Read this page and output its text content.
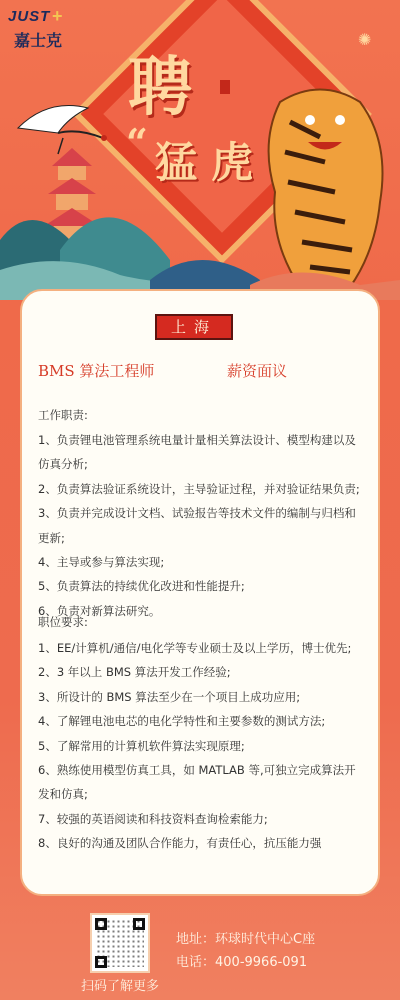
✺
JUST +
嘉士克
聘
“ 猛虎
上海
BMS 算法工程师	薪资面议
工作职责:
1、负责锂电池管理系统电量计量相关算法设计、模型构建以及仿真分析;
2、负责算法验证系统设计，主导验证过程，并对验证结果负责;
3、负责并完成设计文档、试验报告等技术文件的编制与归档和更新;
4、主导或参与算法实现;
5、负责算法的持续优化改进和性能提升;
6、负责对新算法研究。
职位要求:
1、EE/计算机/通信/电化学等专业硕士及以上学历，博士优先;
2、3 年以上 BMS 算法开发工作经验;
3、所设计的 BMS 算法至少在一个项目上成功应用;
4、了解锂电池电芯的电化学特性和主要参数的测试方法;
5、了解常用的计算机软件算法实现原理;
6、熟练使用模型仿真工具，如 MATLAB 等,可独立完成算法开发和仿真;
7、较强的英语阅读和科技资料查询检索能力;
8、良好的沟通及团队合作能力，有责任心，抗压能力强
扫码了解更多
地址：环球时代中心C座
电话：400-9966-091
